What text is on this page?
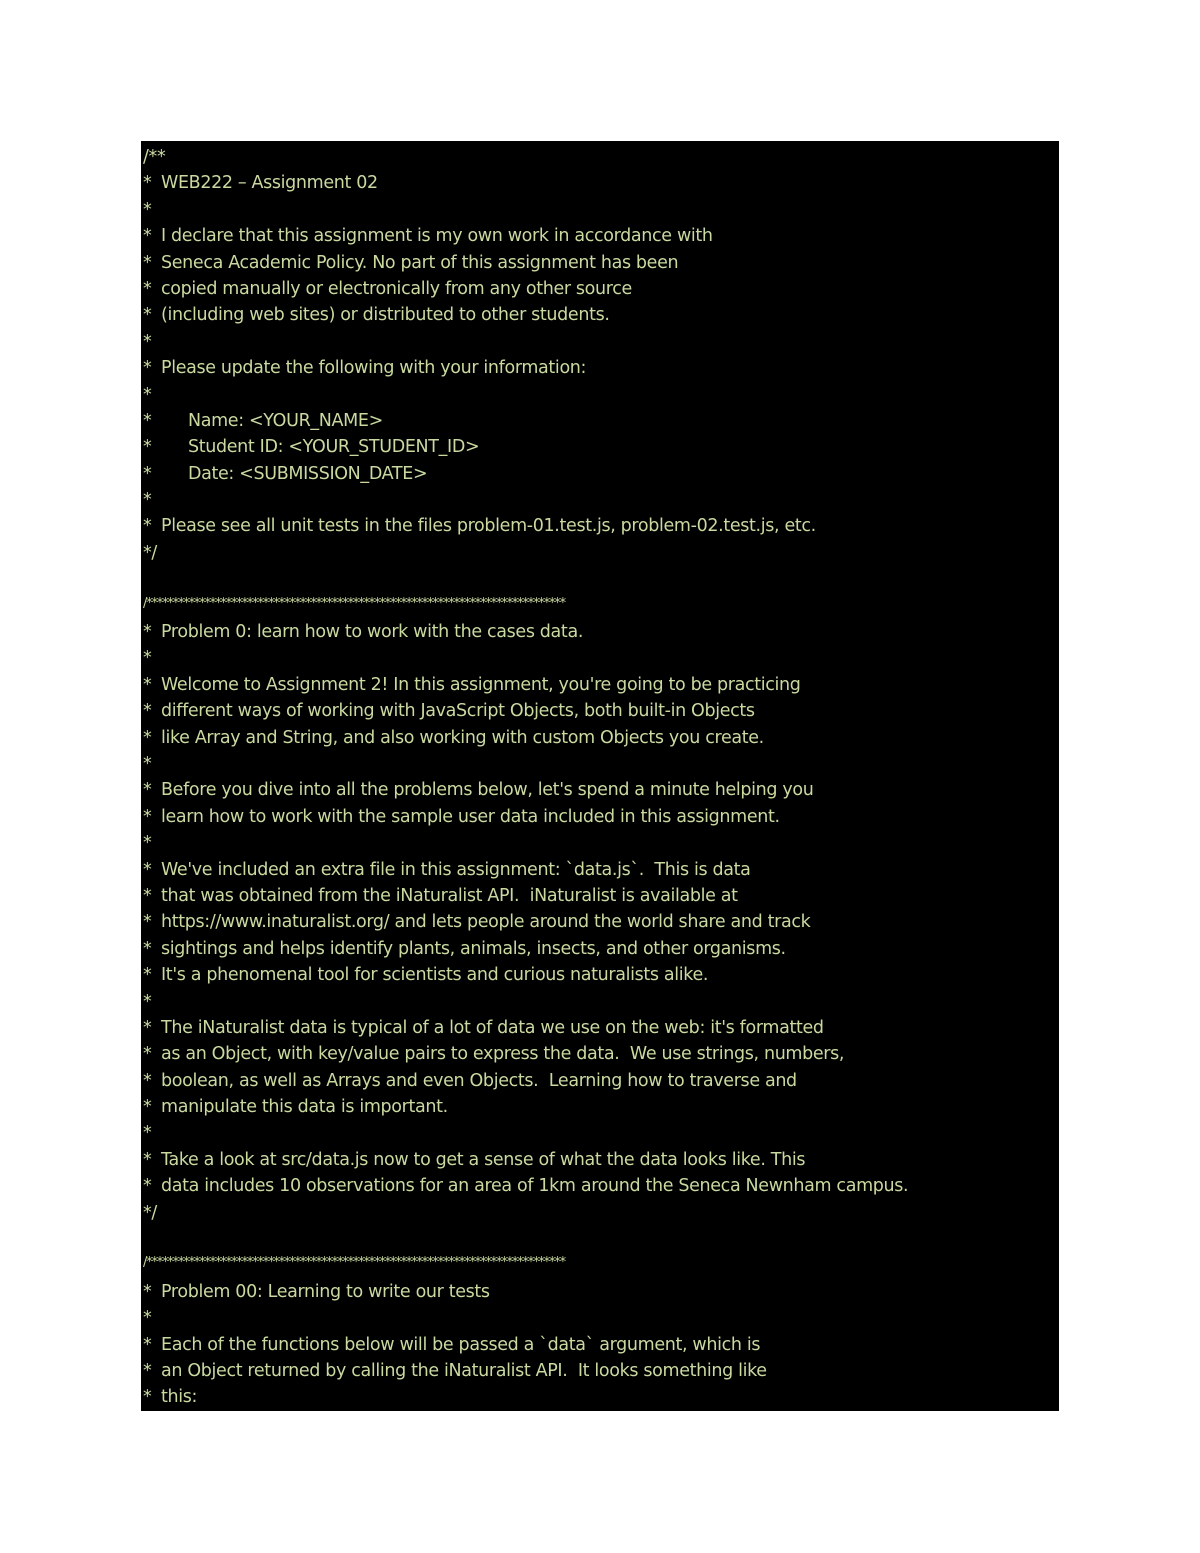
/**
* WEB222 – Assignment 02
*
* I declare that this assignment is my own work in accordance with
* Seneca Academic Policy. No part of this assignment has been
* copied manually or electronically from any other source
* (including web sites) or distributed to other students.
*
* Please update the following with your information:
*
* Name: <YOUR_NAME>
* Student ID: <YOUR_STUDENT_ID>
* Date: <SUBMISSION_DATE>
*
* Please see all unit tests in the files problem-01.test.js, problem-02.test.js, etc.
*/
/*******************************************************************************
* Problem 0: learn how to work with the cases data.
*
* Welcome to Assignment 2! In this assignment, you're going to be practicing
* different ways of working with JavaScript Objects, both built-in Objects
* like Array and String, and also working with custom Objects you create.
*
* Before you dive into all the problems below, let's spend a minute helping you
* learn how to work with the sample user data included in this assignment.
*
* We've included an extra file in this assignment: `data.js`.  This is data
* that was obtained from the iNaturalist API.  iNaturalist is available at
* https://www.inaturalist.org/ and lets people around the world share and track
* sightings and helps identify plants, animals, insects, and other organisms.
* It's a phenomenal tool for scientists and curious naturalists alike.
*
* The iNaturalist data is typical of a lot of data we use on the web: it's formatted
* as an Object, with key/value pairs to express the data.  We use strings, numbers,
* boolean, as well as Arrays and even Objects.  Learning how to traverse and
* manipulate this data is important.
*
* Take a look at src/data.js now to get a sense of what the data looks like. This
* data includes 10 observations for an area of 1km around the Seneca Newnham campus.
*/
/*******************************************************************************
* Problem 00: Learning to write our tests
*
* Each of the functions below will be passed a `data` argument, which is
* an Object returned by calling the iNaturalist API.  It looks something like
* this:
